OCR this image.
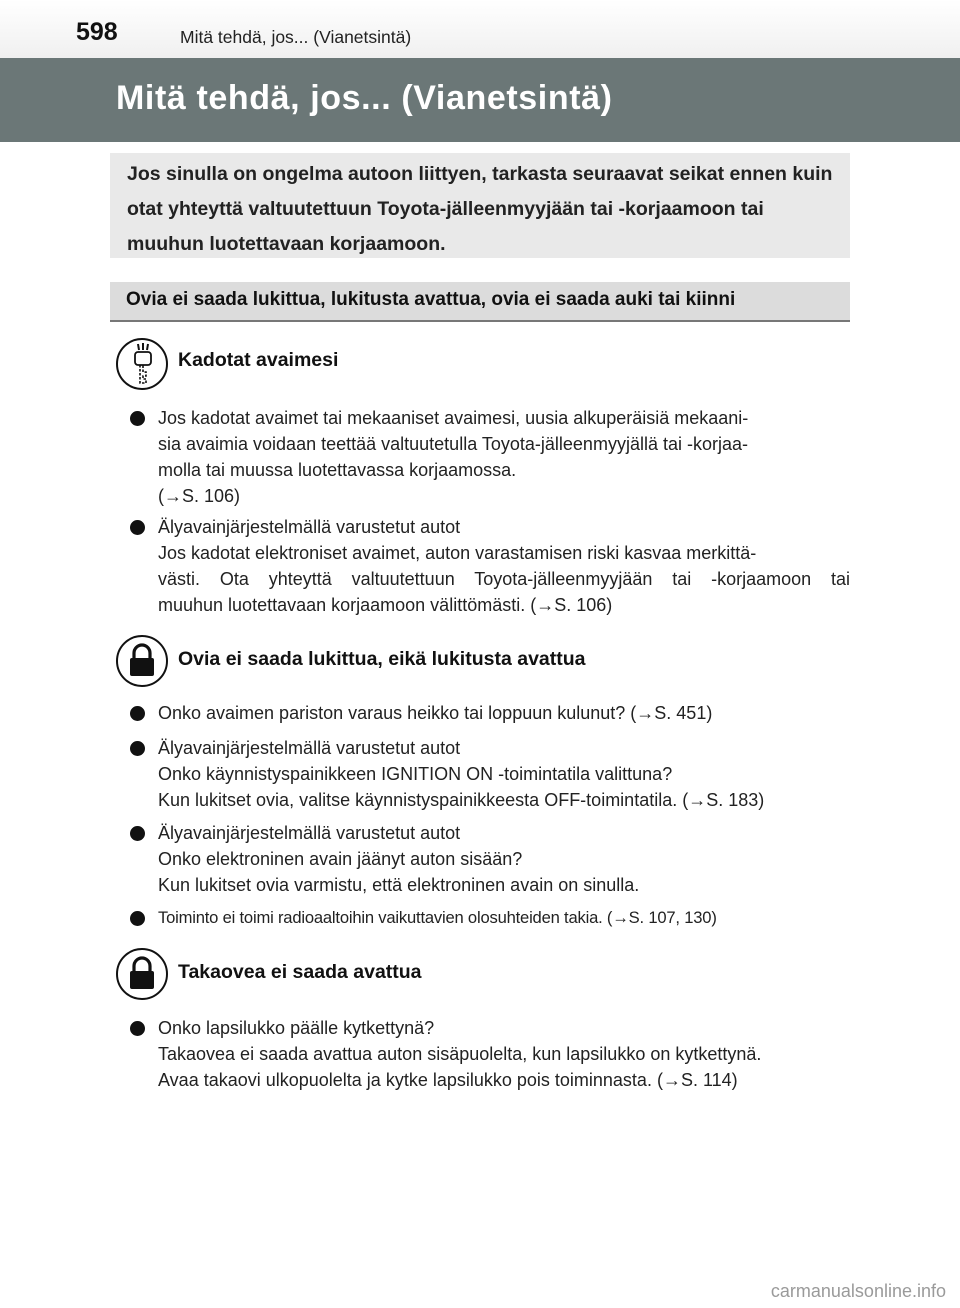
598	Mitä tehdä, jos... (Vianetsintä)
Mitä tehdä, jos... (Vianetsintä)

Jos sinulla on ongelma autoon liittyen, tarkasta seuraavat seikat ennen kuin otat yhteyttä valtuutettuun Toyota-jälleenmyyjään tai -korjaamoon tai muuhun luotettavaan korjaamoon.

Ovia ei saada lukittua, lukitusta avattua, ovia ei saada auki tai kiinni
Kadotat avaimesi
Jos kadotat avaimet tai mekaaniset avaimesi, uusia alkuperäisiä mekaani-
sia avaimia voidaan teettää valtuutetulla Toyota-jälleenmyyjällä tai -korjaa-
molla tai muussa luotettavassa korjaamossa.
(→S. 106)
Älyavainjärjestelmällä varustetut autot
Jos kadotat elektroniset avaimet, auton varastamisen riski kasvaa merkittä-
västi. Ota yhteyttä valtuutettuun Toyota-jälleenmyyjään tai -korjaamoon tai
muuhun luotettavaan korjaamoon välittömästi. (→S. 106)
Ovia ei saada lukittua, eikä lukitusta avattua
Onko avaimen pariston varaus heikko tai loppuun kulunut? (→S. 451)
Älyavainjärjestelmällä varustetut autot
Onko käynnistyspainikkeen IGNITION ON -toimintatila valittuna?
Kun lukitset ovia, valitse käynnistyspainikkeesta OFF-toimintatila. (→S. 183)
Älyavainjärjestelmällä varustetut autot
Onko elektroninen avain jäänyt auton sisään?
Kun lukitset ovia varmistu, että elektroninen avain on sinulla.
Toiminto ei toimi radioaaltoihin vaikuttavien olosuhteiden takia. (→S. 107, 130)
Takaovea ei saada avattua
Onko lapsilukko päälle kytkettynä?
Takaovea ei saada avattua auton sisäpuolelta, kun lapsilukko on kytkettynä.
Avaa takaovi ulkopuolelta ja kytke lapsilukko pois toiminnasta. (→S. 114)
carmanualsonline.info
